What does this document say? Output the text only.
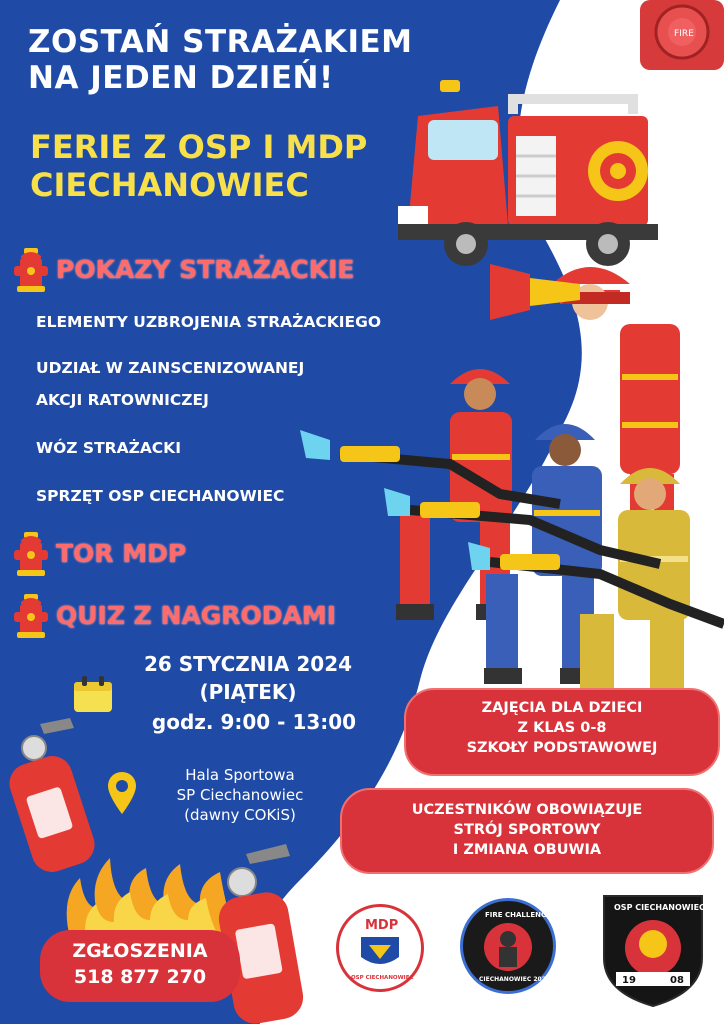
ZOSTAŃ STRAŻAKIEM
NA JEDEN DZIEŃ!
FERIE Z OSP I MDP
CIECHANOWIEC
FIRE
POKAZY STRAŻACKIE
ELEMENTY UZBROJENIA STRAŻACKIEGO
UDZIAŁ W ZAINSCENIZOWANEJ
AKCJI RATOWNICZEJ
WÓZ STRAŻACKI
SPRZĘT OSP CIECHANOWIEC
TOR MDP
QUIZ Z NAGRODAMI
26 STYCZNIA 2024
(PIĄTEK)
godz. 9:00 - 13:00
Hala Sportowa
SP Ciechanowiec
(dawny COKiS)
ZAJĘCIA DLA DZIECI
Z KLAS 0-8
SZKOŁY PODSTAWOWEJ
UCZESTNIKÓW OBOWIĄZUJE
STRÓJ SPORTOWY
I ZMIANA OBUWIA
ZGŁOSZENIA
518 877 270
MDP
OSP CIECHANOWIEC
FIRE CHALLENGE
CIECHANOWIEC 2023
OSP CIECHANOWIEC
19	08
